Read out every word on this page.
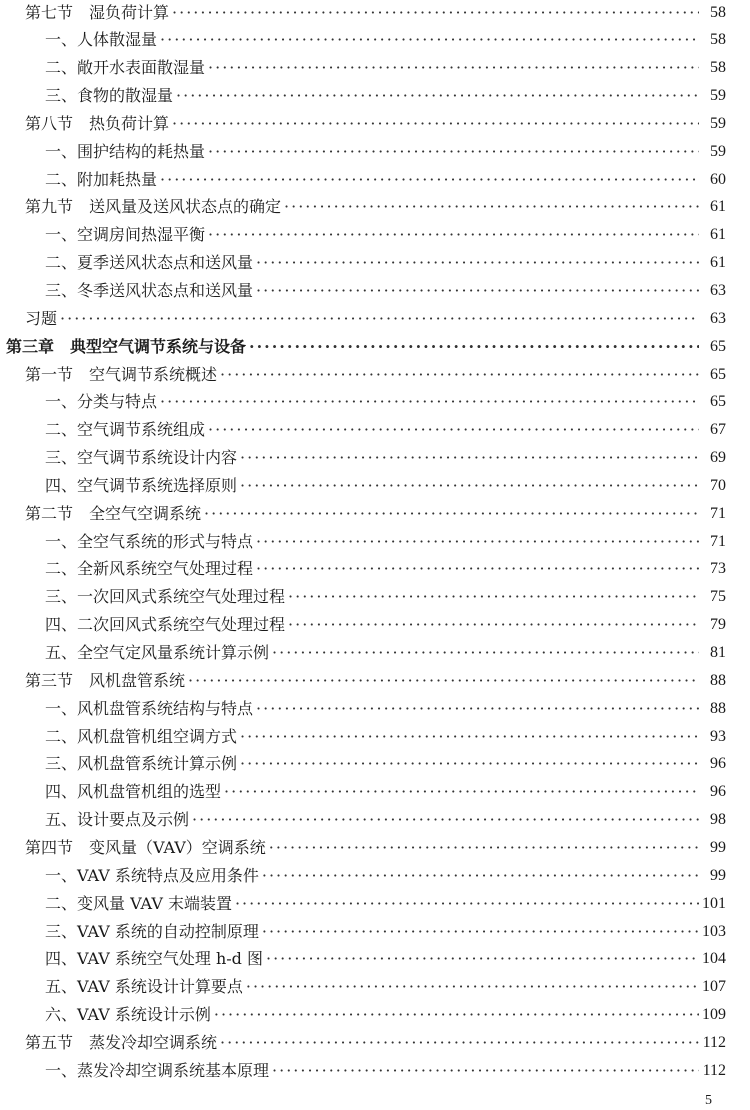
第七节　湿负荷计算 ·····	58
一、人体散湿量 ·····	58
二、敞开水表面散湿量 ·····	58
三、食物的散湿量 ·····	59
第八节　热负荷计算 ·····	59
一、围护结构的耗热量 ·····	59
二、附加耗热量 ·····	60
第九节　送风量及送风状态点的确定 ·····	61
一、空调房间热湿平衡 ·····	61
二、夏季送风状态点和送风量 ·····	61
三、冬季送风状态点和送风量 ·····	63
习题 ·····	63
第三章　典型空气调节系统与设备 ·····	65
第一节　空气调节系统概述 ·····	65
一、分类与特点 ·····	65
二、空气调节系统组成 ·····	67
三、空气调节系统设计内容 ·····	69
四、空气调节系统选择原则 ·····	70
第二节　全空气空调系统 ·····	71
一、全空气系统的形式与特点 ·····	71
二、全新风系统空气处理过程 ·····	73
三、一次回风式系统空气处理过程 ·····	75
四、二次回风式系统空气处理过程 ·····	79
五、全空气定风量系统计算示例 ·····	81
第三节　风机盘管系统 ·····	88
一、风机盘管系统结构与特点 ·····	88
二、风机盘管机组空调方式 ·····	93
三、风机盘管系统计算示例 ·····	96
四、风机盘管机组的选型 ·····	96
五、设计要点及示例 ·····	98
第四节　变风量（VAV）空调系统 ·····	99
一、VAV 系统特点及应用条件 ·····	99
二、变风量 VAV 末端装置 ·····	101
三、VAV 系统的自动控制原理 ·····	103
四、VAV 系统空气处理 h-d 图 ·····	104
五、VAV 系统设计计算要点 ·····	107
六、VAV 系统设计示例 ·····	109
第五节　蒸发冷却空调系统 ·····	112
一、蒸发冷却空调系统基本原理 ·····	112
5
